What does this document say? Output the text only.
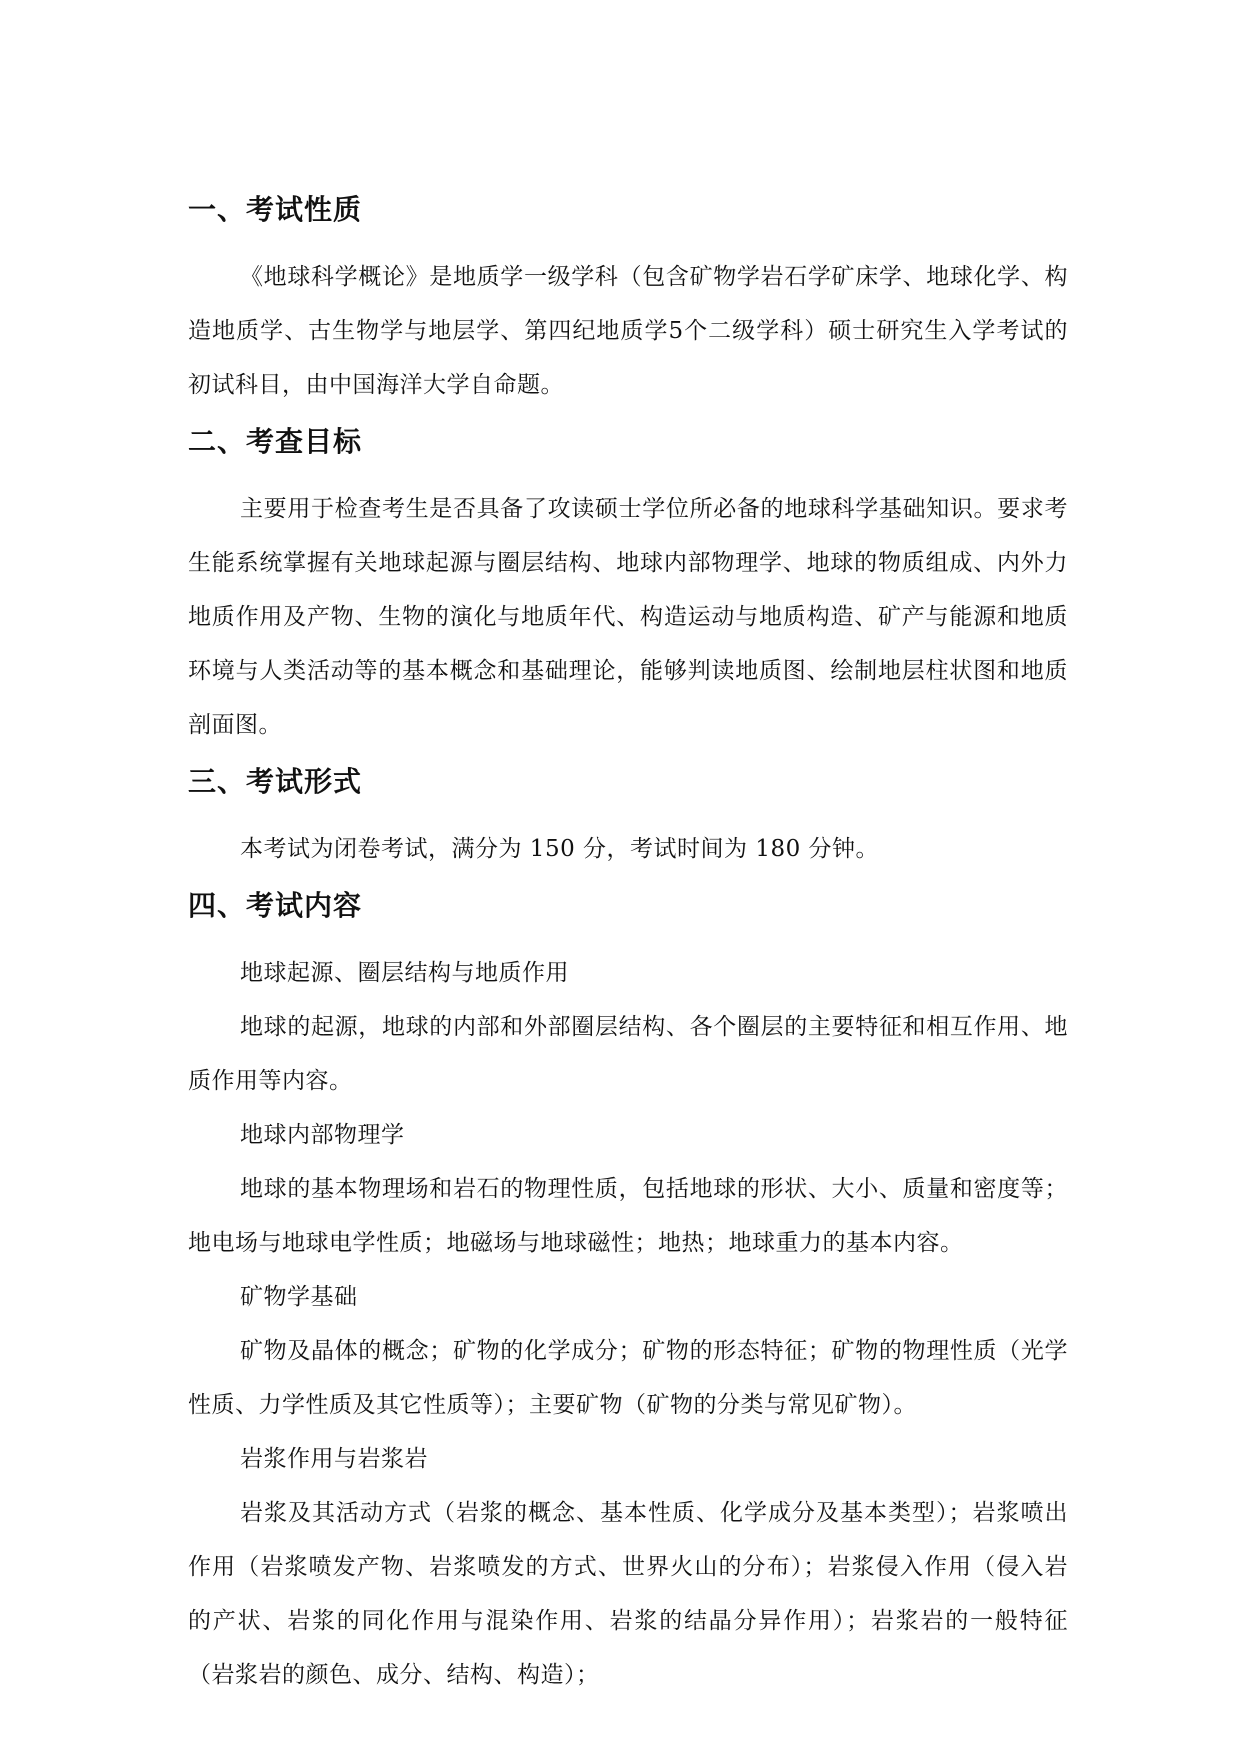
一、考试性质

《地球科学概论》是地质学一级学科（包含矿物学岩石学矿床学、地球化学、构造地质学、古生物学与地层学、第四纪地质学5个二级学科）硕士研究生入学考试的初试科目，由中国海洋大学自命题。

二、考查目标

主要用于检查考生是否具备了攻读硕士学位所必备的地球科学基础知识。要求考生能系统掌握有关地球起源与圈层结构、地球内部物理学、地球的物质组成、内外力地质作用及产物、生物的演化与地质年代、构造运动与地质构造、矿产与能源和地质环境与人类活动等的基本概念和基础理论，能够判读地质图、绘制地层柱状图和地质剖面图。

三、考试形式

本考试为闭卷考试，满分为 150 分，考试时间为 180 分钟。

四、考试内容

地球起源、圈层结构与地质作用

地球的起源，地球的内部和外部圈层结构、各个圈层的主要特征和相互作用、地质作用等内容。

地球内部物理学

地球的基本物理场和岩石的物理性质，包括地球的形状、大小、质量和密度等；地电场与地球电学性质；地磁场与地球磁性；地热；地球重力的基本内容。

矿物学基础

矿物及晶体的概念；矿物的化学成分；矿物的形态特征；矿物的物理性质（光学性质、力学性质及其它性质等）；主要矿物（矿物的分类与常见矿物）。

岩浆作用与岩浆岩

岩浆及其活动方式（岩浆的概念、基本性质、化学成分及基本类型）；岩浆喷出作用（岩浆喷发产物、岩浆喷发的方式、世界火山的分布）；岩浆侵入作用（侵入岩的产状、岩浆的同化作用与混染作用、岩浆的结晶分异作用）；岩浆岩的一般特征（岩浆岩的颜色、成分、结构、构造）；
